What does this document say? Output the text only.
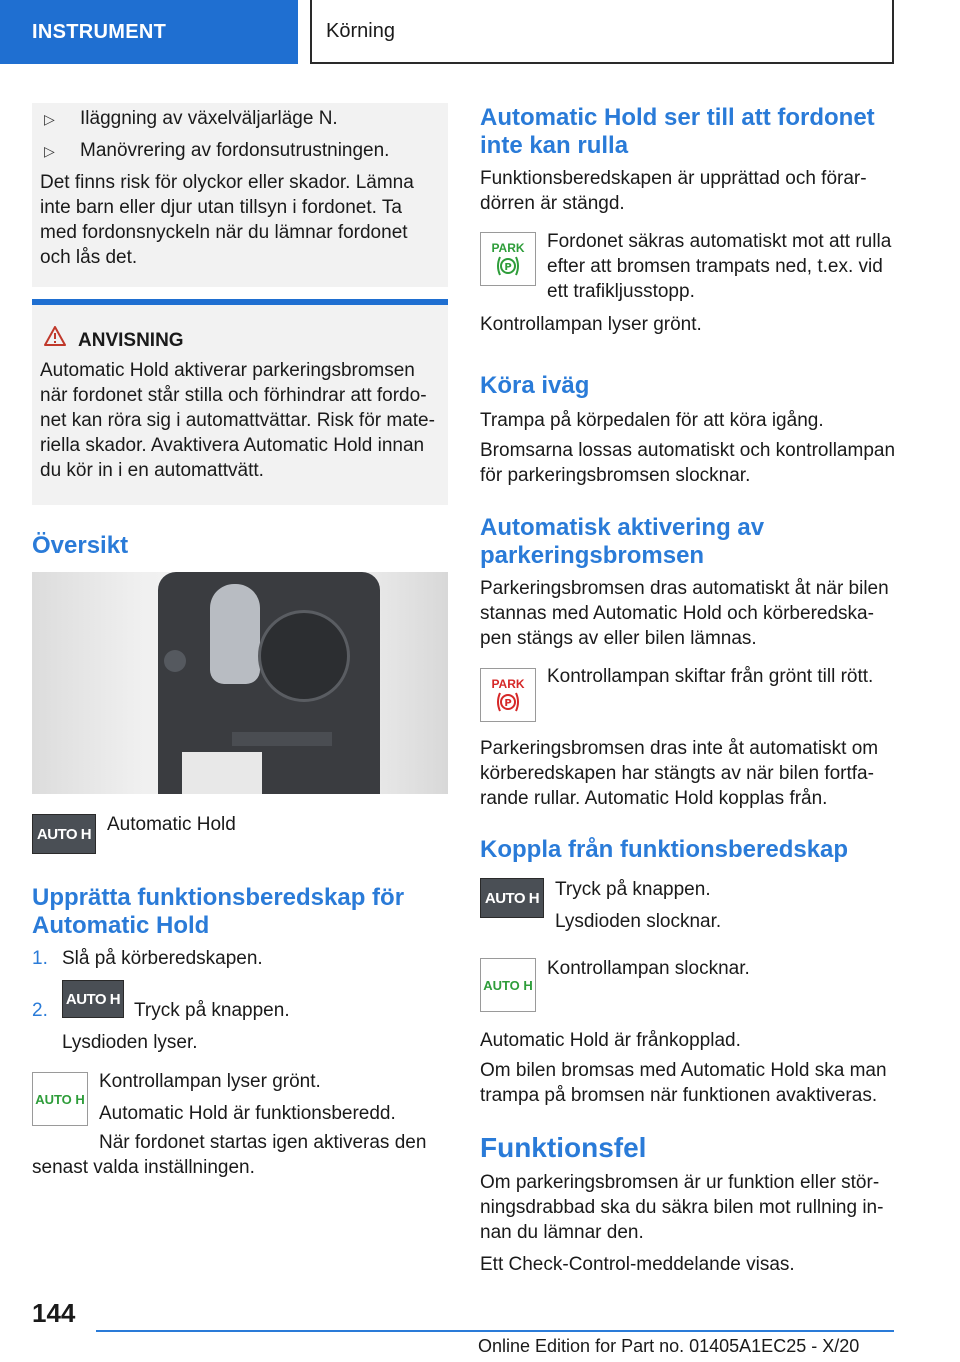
INSTRUMENT	Körning
▷ Iläggning av växelväljarläge N.
▷ Manövrering av fordonsutrustningen.
Det finns risk för olyckor eller skador. Lämna
inte barn eller djur utan tillsyn i fordonet. Ta
med fordonsnyckeln när du lämnar fordonet
och lås det.
ANVISNING
Automatic Hold aktiverar parkeringsbromsen
när fordonet står stilla och förhindrar att fordo-
net kan röra sig i automattvättar. Risk för mate-
riella skador. Avaktivera Automatic Hold innan
du kör in i en automattvätt.
Översikt
AUTO H Automatic Hold
Upprätta funktionsberedskap för
Automatic Hold
1. Slå på körberedskapen.
2.
AUTO H
Tryck på knappen.
Lysdioden lyser.
AUTO H
Kontrollampan lyser grönt.
Automatic Hold är funktionsberedd.
När fordonet startas igen aktiveras den
senast valda inställningen.
Automatic Hold ser till att fordonet
inte kan rulla
Funktionsberedskapen är upprättad och förar-
dörren är stängd.
PARK
P
Fordonet säkras automatiskt mot att rulla
efter att bromsen trampats ned, t.ex. vid
ett trafikljusstopp.
Kontrollampan lyser grönt.
Köra iväg
Trampa på körpedalen för att köra igång.
Bromsarna lossas automatiskt och kontrollampan
för parkeringsbromsen slocknar.
Automatisk aktivering av
parkeringsbromsen
Parkeringsbromsen dras automatiskt åt när bilen
stannas med Automatic Hold och körberedska-
pen stängs av eller bilen lämnas.
PARK
P
Kontrollampan skiftar från grönt till rött.
Parkeringsbromsen dras inte åt automatiskt om
körberedskapen har stängts av när bilen fortfa-
rande rullar. Automatic Hold kopplas från.
Koppla från funktionsberedskap
AUTO H Tryck på knappen.
Lysdioden slocknar.
AUTO H
Kontrollampan slocknar.
Automatic Hold är frånkopplad.
Om bilen bromsas med Automatic Hold ska man
trampa på bromsen när funktionen avaktiveras.
Funktionsfel
Om parkeringsbromsen är ur funktion eller stör-
ningsdrabbad ska du säkra bilen mot rullning in-
nan du lämnar den.
Ett Check-Control-meddelande visas.
144
Online Edition for Part no. 01405A1EC25 - X/20
